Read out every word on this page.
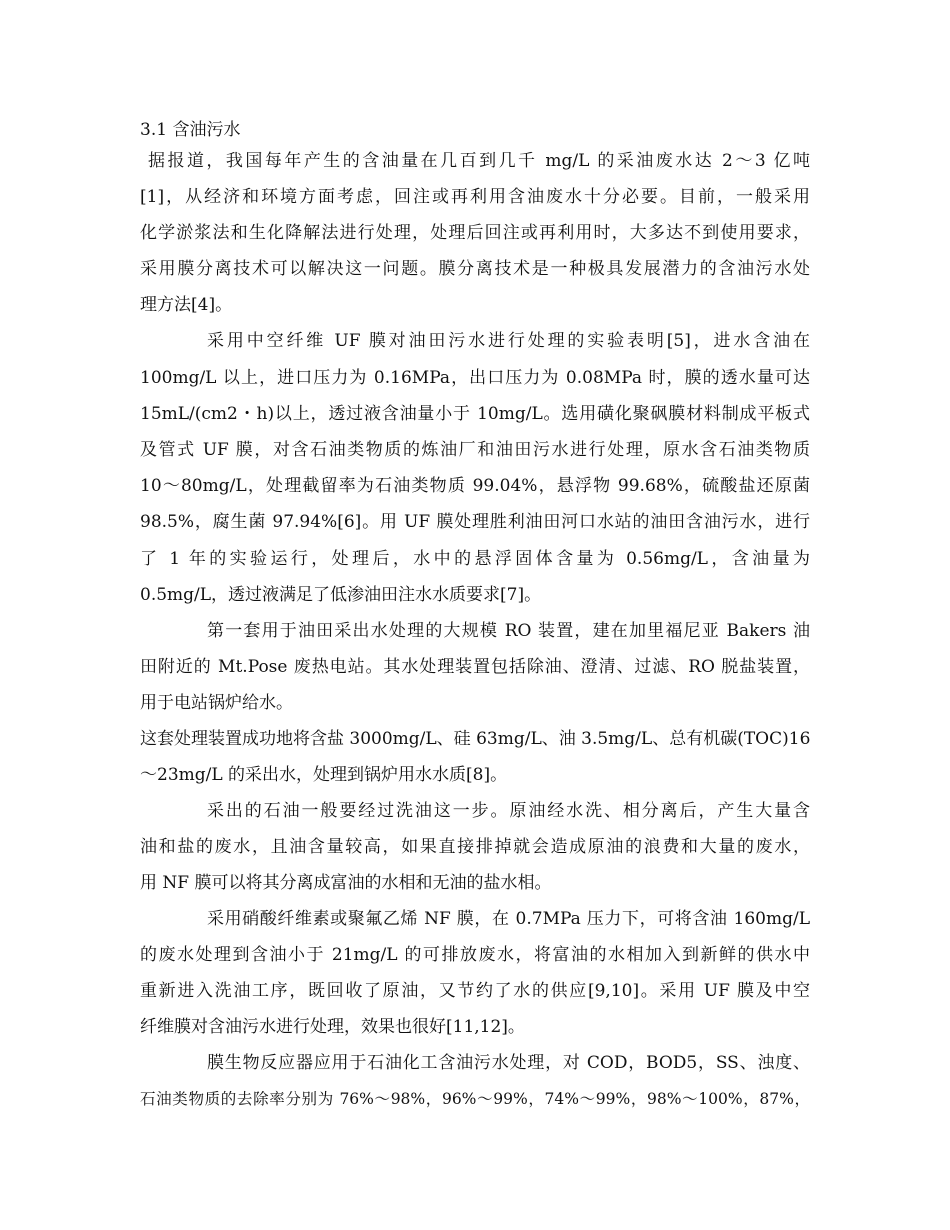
3.1 含油污水
据报道，我国每年产生的含油量在几百到几千 mg/L 的采油废水达 2～3 亿吨
[1]，从经济和环境方面考虑，回注或再利用含油废水十分必要。目前，一般采用
化学淤浆法和生化降解法进行处理，处理后回注或再利用时，大多达不到使用要求，
采用膜分离技术可以解决这一问题。膜分离技术是一种极具发展潜力的含油污水处
理方法[4]。
采用中空纤维 UF 膜对油田污水进行处理的实验表明[5]，进水含油在
100mg/L 以上，进口压力为 0.16MPa，出口压力为 0.08MPa 时，膜的透水量可达
15mL/(cm2・h)以上，透过液含油量小于 10mg/L。选用磺化聚砜膜材料制成平板式
及管式 UF 膜，对含石油类物质的炼油厂和油田污水进行处理，原水含石油类物质
10～80mg/L，处理截留率为石油类物质 99.04%，悬浮物 99.68%，硫酸盐还原菌
98.5%，腐生菌 97.94%[6]。用 UF 膜处理胜利油田河口水站的油田含油污水，进行
了 1 年的实验运行，处理后，水中的悬浮固体含量为 0.56mg/L，含油量为
0.5mg/L，透过液满足了低渗油田注水水质要求[7]。
第一套用于油田采出水处理的大规模 RO 装置，建在加里福尼亚 Bakers 油
田附近的 Mt.Pose 废热电站。其水处理装置包括除油、澄清、过滤、RO 脱盐装置，
用于电站锅炉给水。
这套处理装置成功地将含盐 3000mg/L、硅 63mg/L、油 3.5mg/L、总有机碳(TOC)16
～23mg/L 的采出水，处理到锅炉用水水质[8]。
采出的石油一般要经过洗油这一步。原油经水洗、相分离后，产生大量含
油和盐的废水，且油含量较高，如果直接排掉就会造成原油的浪费和大量的废水，
用 NF 膜可以将其分离成富油的水相和无油的盐水相。
采用硝酸纤维素或聚氟乙烯 NF 膜，在 0.7MPa 压力下，可将含油 160mg/L
的废水处理到含油小于 21mg/L 的可排放废水，将富油的水相加入到新鲜的供水中
重新进入洗油工序，既回收了原油，又节约了水的供应[9,10]。采用 UF 膜及中空
纤维膜对含油污水进行处理，效果也很好[11,12]。
膜生物反应器应用于石油化工含油污水处理，对 COD，BOD5，SS、浊度、
石油类物质的去除率分别为 76%～98%，96%～99%，74%～99%，98%～100%，87%，
